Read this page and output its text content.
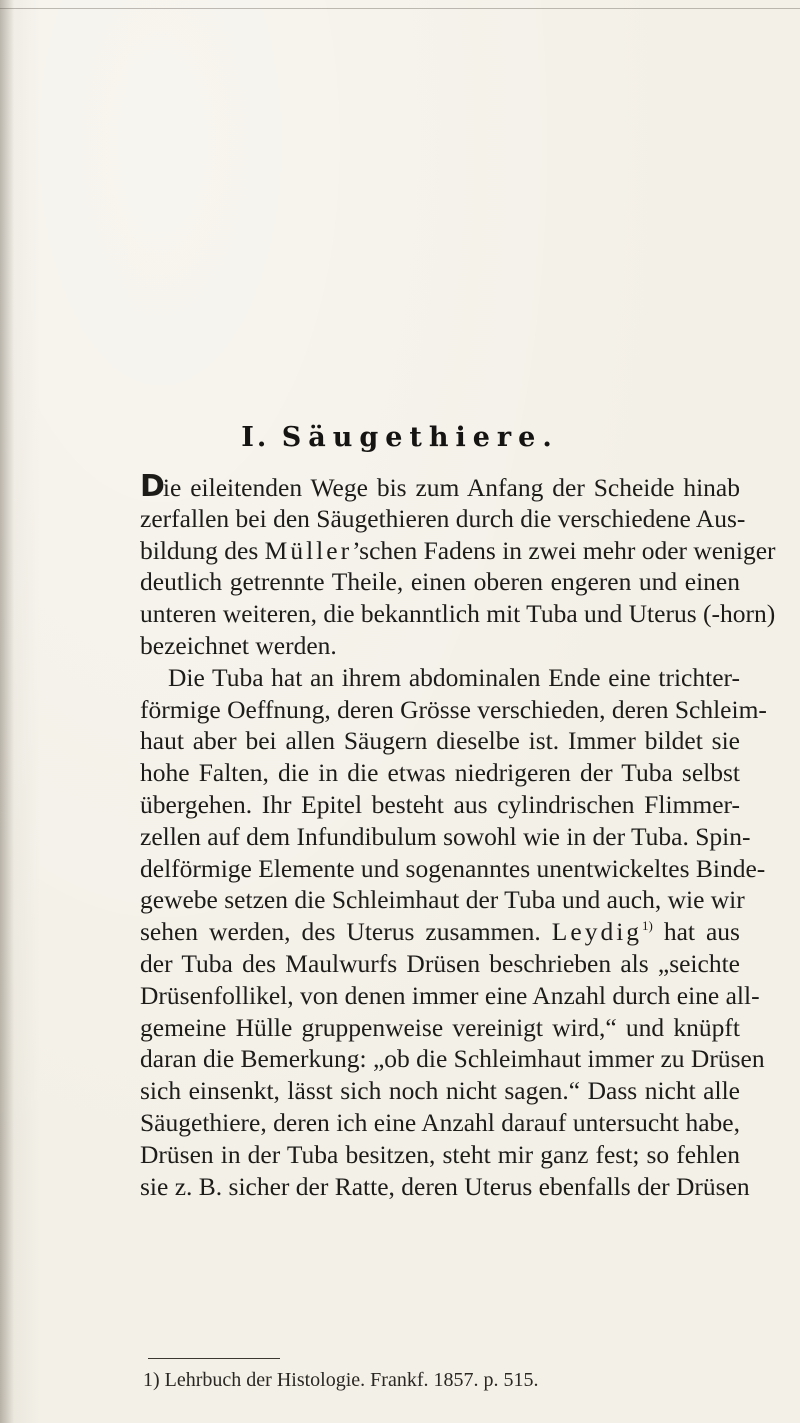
I. Säugethiere.

Die eileitenden Wege bis zum Anfang der Scheide hinab
zerfallen bei den Säugethieren durch die verschiedene Aus-
bildung des Müller’schen Fadens in zwei mehr oder weniger
deutlich getrennte Theile, einen oberen engeren und einen
unteren weiteren, die bekanntlich mit Tuba und Uterus (-horn)
bezeichnet werden.

Die Tuba hat an ihrem abdominalen Ende eine trichter-
förmige Oeffnung, deren Grösse verschieden, deren Schleim-
haut aber bei allen Säugern dieselbe ist. Immer bildet sie
hohe Falten, die in die etwas niedrigeren der Tuba selbst
übergehen. Ihr Epitel besteht aus cylindrischen Flimmer-
zellen auf dem Infundibulum sowohl wie in der Tuba. Spin-
delförmige Elemente und sogenanntes unentwickeltes Binde-
gewebe setzen die Schleimhaut der Tuba und auch, wie wir
sehen werden, des Uterus zusammen. Leydig$^{1)}$ hat aus
der Tuba des Maulwurfs Drüsen beschrieben als „seichte
Drüsenfollikel, von denen immer eine Anzahl durch eine all-
gemeine Hülle gruppenweise vereinigt wird,“ und knüpft
daran die Bemerkung: „ob die Schleimhaut immer zu Drüsen
sich einsenkt, lässt sich noch nicht sagen.“ Dass nicht alle
Säugethiere, deren ich eine Anzahl darauf untersucht habe,
Drüsen in der Tuba besitzen, steht mir ganz fest; so fehlen
sie z. B. sicher der Ratte, deren Uterus ebenfalls der Drüsen

1) Lehrbuch der Histologie. Frankf. 1857. p. 515.
